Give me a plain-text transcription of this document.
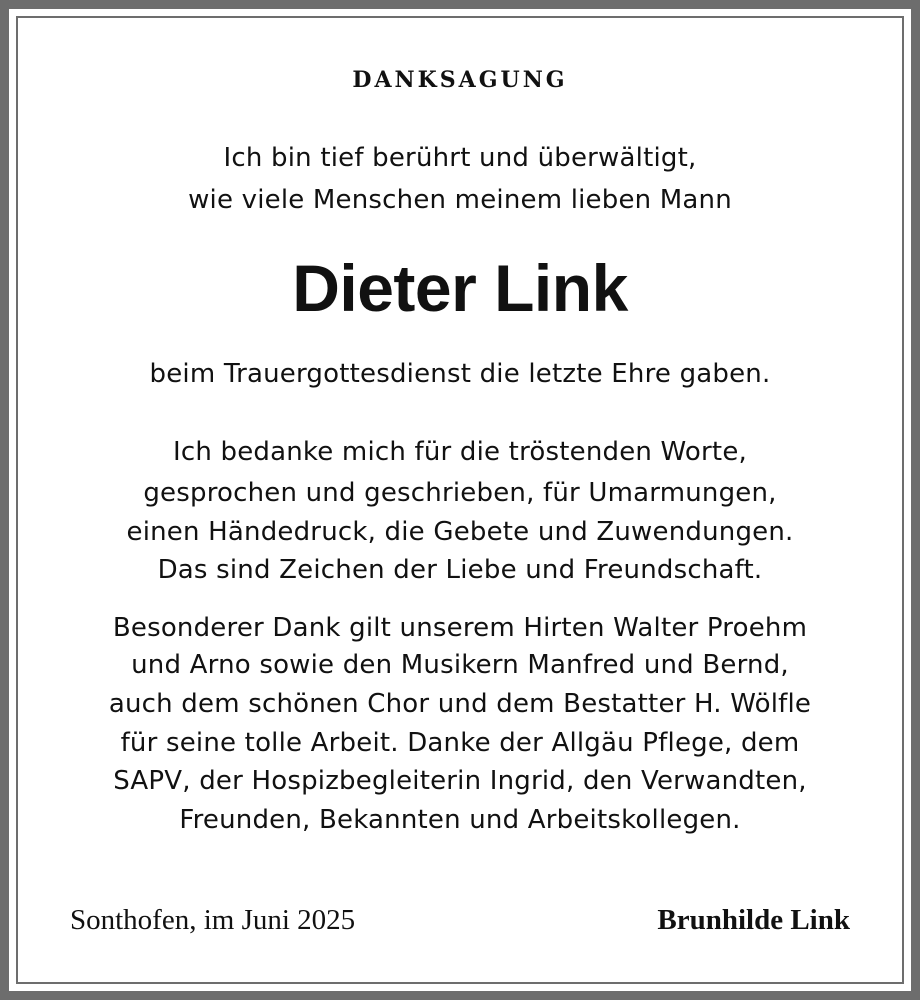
DANKSAGUNG
Ich bin tief berührt und überwältigt,
wie viele Menschen meinem lieben Mann
Dieter Link
beim Trauergottesdienst die letzte Ehre gaben.
Ich bedanke mich für die tröstenden Worte,
gesprochen und geschrieben, für Umarmungen,
einen Händedruck, die Gebete und Zuwendungen.
Das sind Zeichen der Liebe und Freundschaft.
Besonderer Dank gilt unserem Hirten Walter Proehm
und Arno sowie den Musikern Manfred und Bernd,
auch dem schönen Chor und dem Bestatter H. Wölfle
für seine tolle Arbeit. Danke der Allgäu Pflege, dem
SAPV, der Hospizbegleiterin Ingrid, den Verwandten,
Freunden, Bekannten und Arbeitskollegen.
Sonthofen, im Juni 2025	Brunhilde Link
